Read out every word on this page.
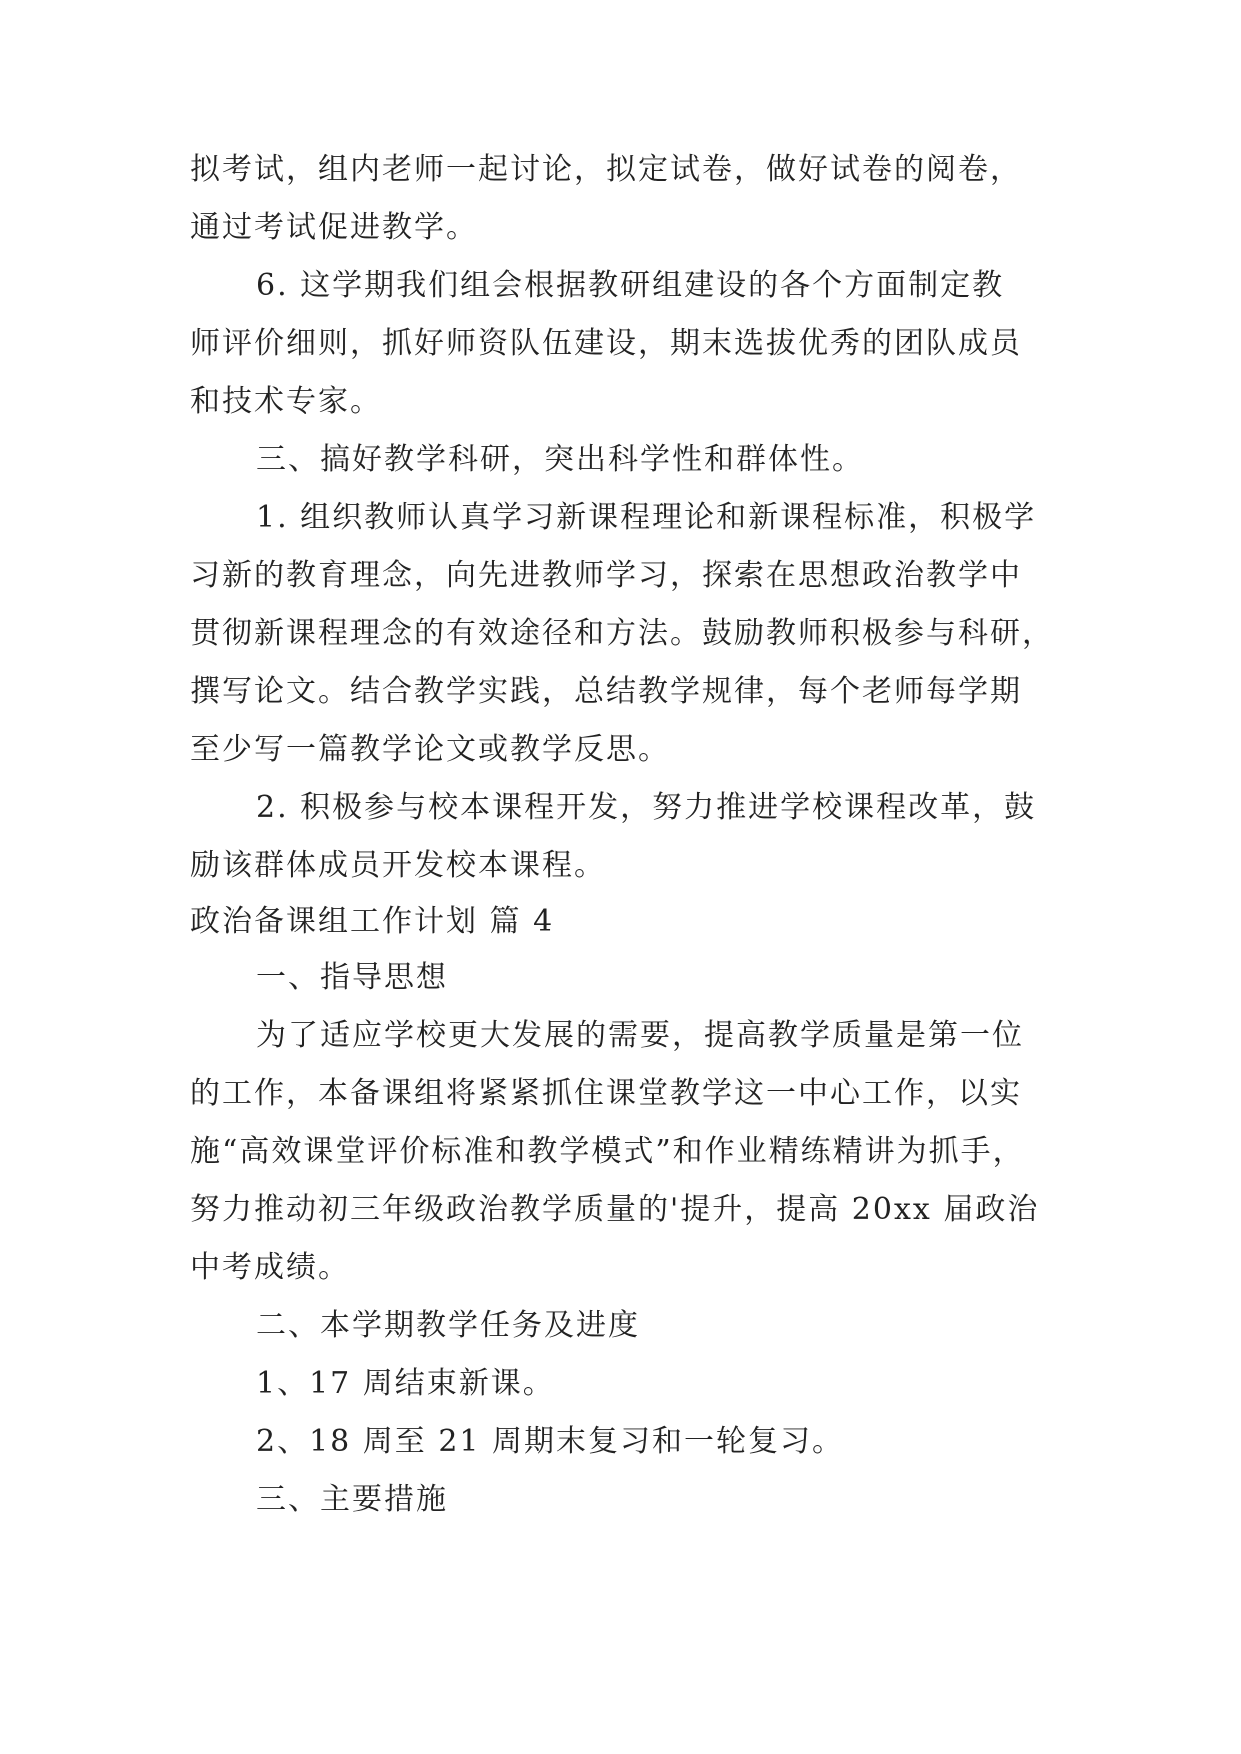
拟考试，组内老师一起讨论，拟定试卷，做好试卷的阅卷，
通过考试促进教学。
6. 这学期我们组会根据教研组建设的各个方面制定教
师评价细则，抓好师资队伍建设，期末选拔优秀的团队成员
和技术专家。
三、搞好教学科研，突出科学性和群体性。
1. 组织教师认真学习新课程理论和新课程标准，积极学
习新的教育理念，向先进教师学习，探索在思想政治教学中
贯彻新课程理念的有效途径和方法。鼓励教师积极参与科研，
撰写论文。结合教学实践，总结教学规律，每个老师每学期
至少写一篇教学论文或教学反思。
2. 积极参与校本课程开发，努力推进学校课程改革，鼓
励该群体成员开发校本课程。
政治备课组工作计划 篇 4
一、指导思想
为了适应学校更大发展的需要，提高教学质量是第一位
的工作，本备课组将紧紧抓住课堂教学这一中心工作，以实
施“高效课堂评价标准和教学模式”和作业精练精讲为抓手，
努力推动初三年级政治教学质量的'提升，提高 20xx 届政治
中考成绩。
二、本学期教学任务及进度
1、17 周结束新课。
2、18 周至 21 周期末复习和一轮复习。
三、主要措施
